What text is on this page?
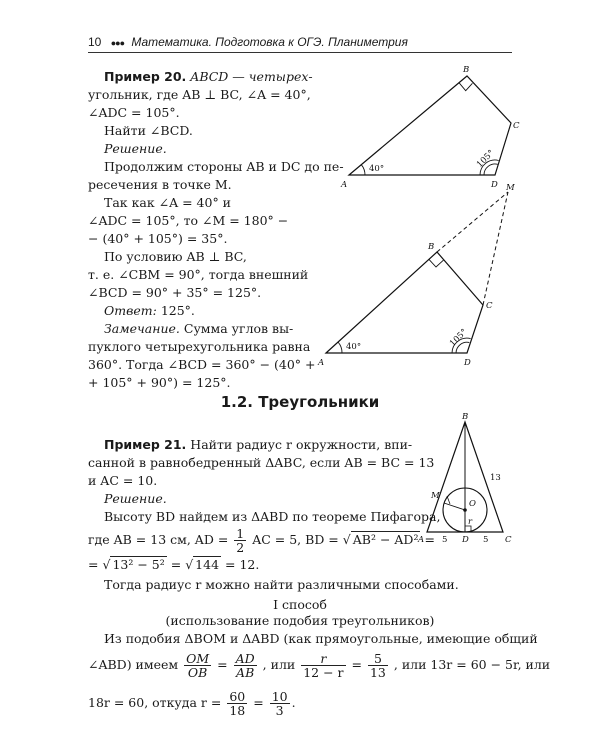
10 ●●● Математика. Подготовка к ОГЭ. Планиметрия
Пример 20. ABCD — четырех-
угольник, где AB ⊥ BC, ∠A = 40°,
∠ADC = 105°.
Найти ∠BCD.
Решение.
Продолжим стороны AB и DC до пе-
ресечения в точке M.
Так как ∠A = 40° и
∠ADC = 105°, то ∠M = 180° −
− (40° + 105°) = 35°.
По условию AB ⊥ BC,
т. е. ∠CBM = 90°, тогда внешний
∠BCD = 90° + 35° = 125°.
Ответ: 125°.
Замечание. Сумма углов вы-
пуклого четырехугольника равна
360°. Тогда ∠BCD = 360° − (40° +
+ 105° + 90°) = 125°.
A
B
C
D
40°	105°
A
B
C
D
M
40°	105°
1.2. Треугольники
Пример 21. Найти радиус r окружности, впи-
санной в равнобедренный ΔABC, если AB = BC = 13
и AC = 10.
Решение.
Высоту BD найдем из ΔABD по теореме Пифагора,
где AB = 13 см, AD = $\frac{1}{2}$ AC = 5, BD = √ AB² − AD² =
= √ 13² − 5² = √ 144 = 12.
Тогда радиус r можно найти различными способами.
I способ
(использование подобия треугольников)
Из подобия ΔBOM и ΔABD (как прямоугольные, имеющие общий
∠ABD) имеем $\frac{OM}{OB} = \frac{AD}{AB}$ , или $\frac{r}{12 - r} = \frac{5}{13}$ , или 13r = 60 − 5r, или
18r = 60, откуда $r = \frac{60}{18} = \frac{10}{3}$ .
B
A	C
D
M
O
r
13
5	5
